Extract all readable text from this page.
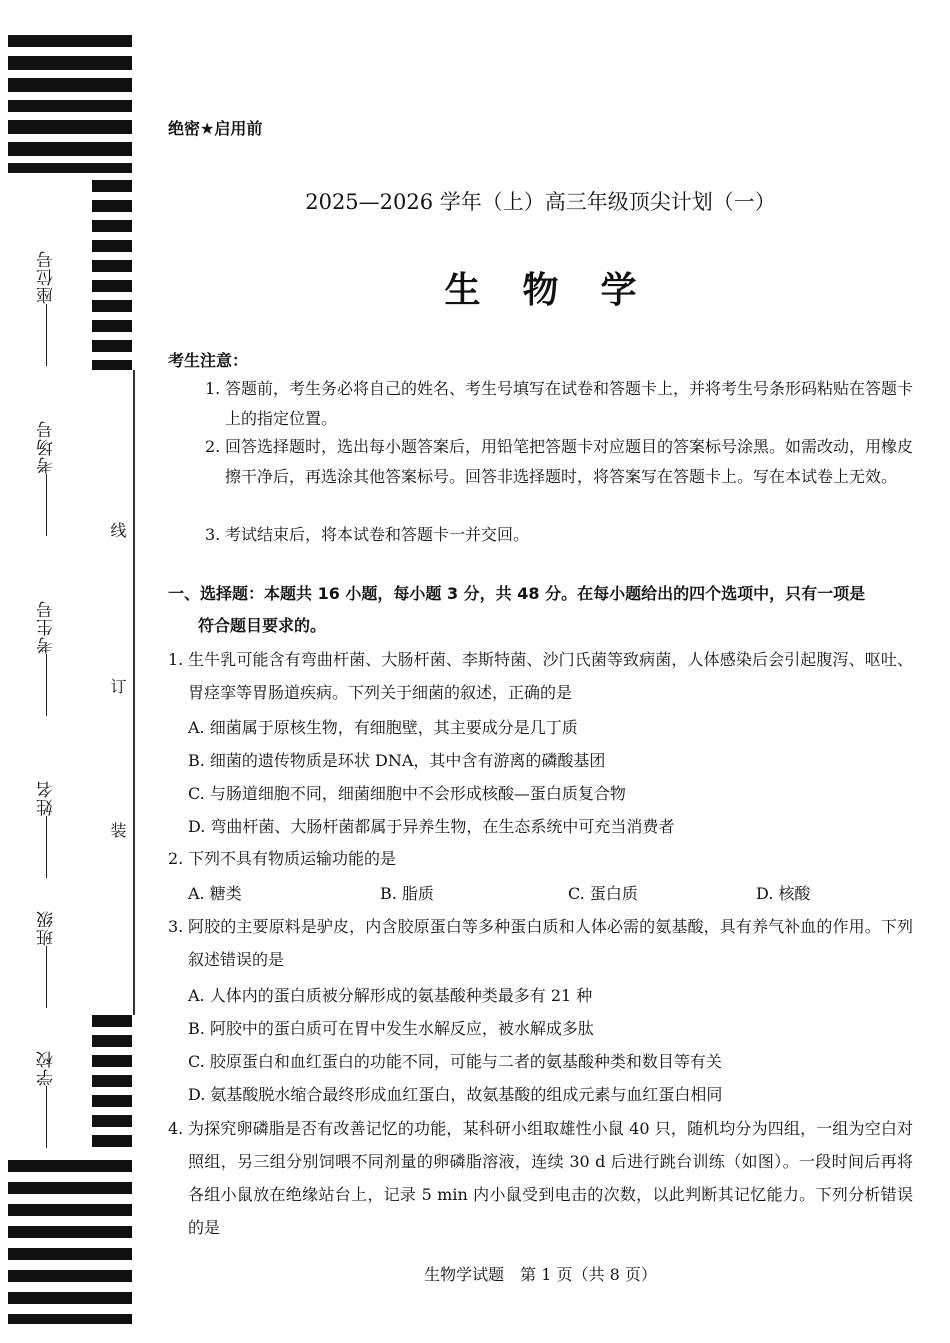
座位号
考场号
考生号
姓名
班级
学校
线
订
装
绝密★启用前
2025—2026 学年（上）高三年级顶尖计划（一）
生物学
考生注意：
1. 答题前，考生务必将自己的姓名、考生号填写在试卷和答题卡上，并将考生号条形码粘贴在答题卡上的指定位置。
2. 回答选择题时，选出每小题答案后，用铅笔把答题卡对应题目的答案标号涂黑。如需改动，用橡皮擦干净后，再选涂其他答案标号。回答非选择题时，将答案写在答题卡上。写在本试卷上无效。
3. 考试结束后，将本试卷和答题卡一并交回。
一、选择题：本题共 16 小题，每小题 3 分，共 48 分。在每小题给出的四个选项中，只有一项是
符合题目要求的。
1. 生牛乳可能含有弯曲杆菌、大肠杆菌、李斯特菌、沙门氏菌等致病菌，人体感染后会引起腹泻、呕吐、胃痉挛等胃肠道疾病。下列关于细菌的叙述，正确的是
A. 细菌属于原核生物，有细胞壁，其主要成分是几丁质
B. 细菌的遗传物质是环状 DNA，其中含有游离的磷酸基团
C. 与肠道细胞不同，细菌细胞中不会形成核酸—蛋白质复合物
D. 弯曲杆菌、大肠杆菌都属于异养生物，在生态系统中可充当消费者
2. 下列不具有物质运输功能的是
A. 糖类	B. 脂质	C. 蛋白质	D. 核酸
3. 阿胶的主要原料是驴皮，内含胶原蛋白等多种蛋白质和人体必需的氨基酸，具有养气补血的作用。下列叙述错误的是
A. 人体内的蛋白质被分解形成的氨基酸种类最多有 21 种
B. 阿胶中的蛋白质可在胃中发生水解反应，被水解成多肽
C. 胶原蛋白和血红蛋白的功能不同，可能与二者的氨基酸种类和数目等有关
D. 氨基酸脱水缩合最终形成血红蛋白，故氨基酸的组成元素与血红蛋白相同
4. 为探究卵磷脂是否有改善记忆的功能，某科研小组取雄性小鼠 40 只，随机均分为四组，一组为空白对照组，另三组分别饲喂不同剂量的卵磷脂溶液，连续 30 d 后进行跳台训练（如图）。一段时间后再将各组小鼠放在绝缘站台上，记录 5 min 内小鼠受到电击的次数，以此判断其记忆能力。下列分析错误的是
生物学试题　第 1 页（共 8 页）
